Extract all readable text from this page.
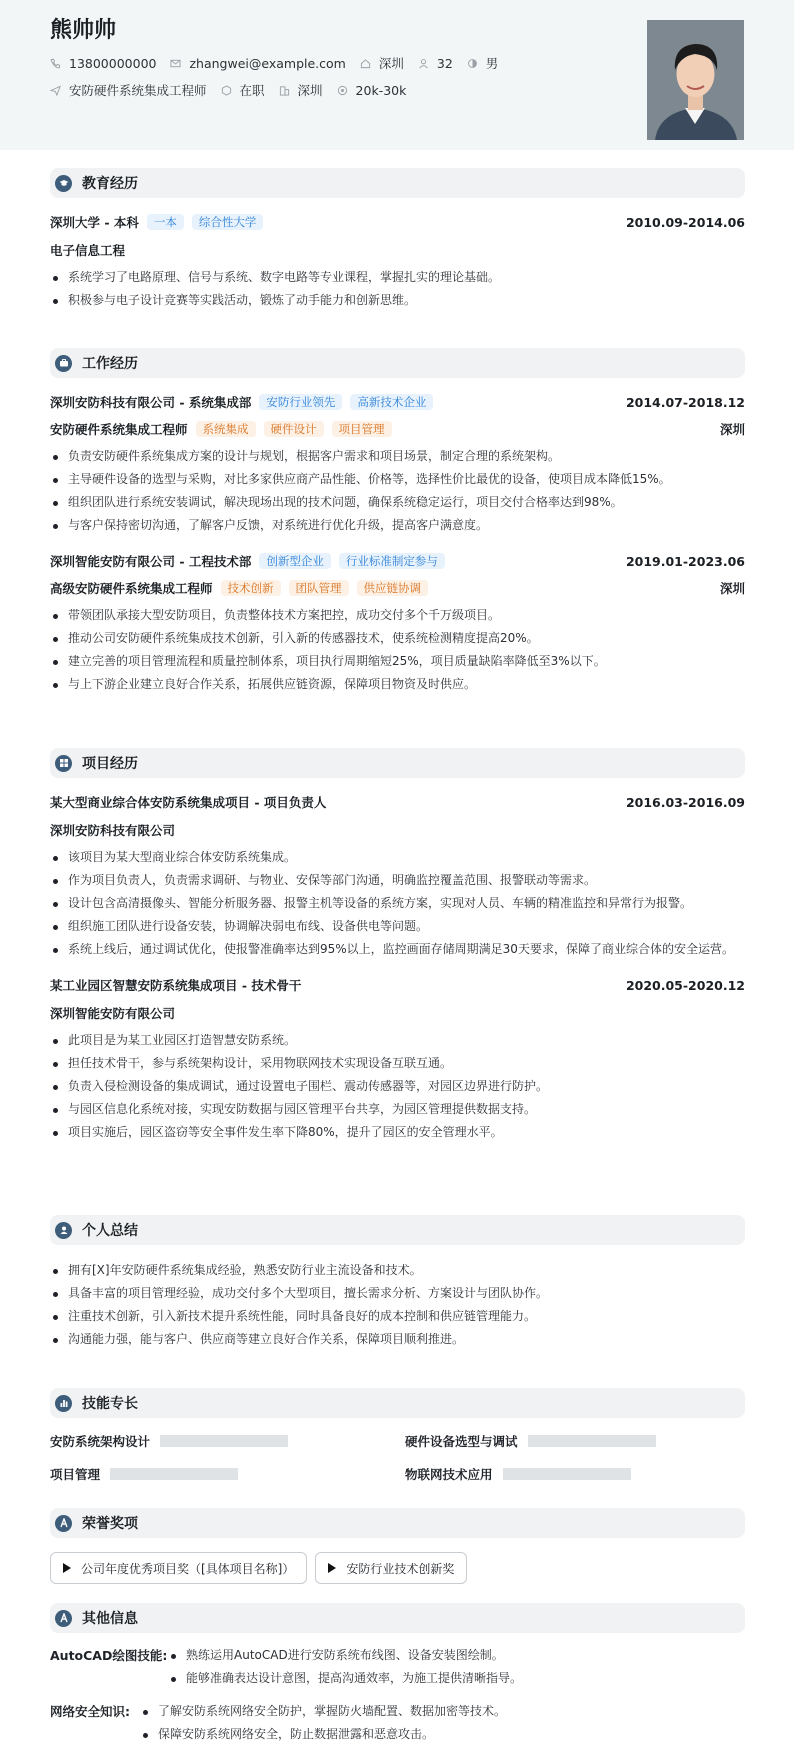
熊帅帅
13800000000	zhangwei@example.com	深圳	32	男
安防硬件系统集成工程师	在职	深圳	20k-30k
教育经历
深圳大学 - 本科	一本	综合性大学	2010.09-2014.06
电子信息工程
系统学习了电路原理、信号与系统、数字电路等专业课程，掌握扎实的理论基础。
积极参与电子设计竞赛等实践活动，锻炼了动手能力和创新思维。
工作经历
深圳安防科技有限公司 - 系统集成部	安防行业领先	高新技术企业	2014.07-2018.12
安防硬件系统集成工程师	系统集成	硬件设计	项目管理	深圳
负责安防硬件系统集成方案的设计与规划，根据客户需求和项目场景，制定合理的系统架构。
主导硬件设备的选型与采购，对比多家供应商产品性能、价格等，选择性价比最优的设备，使项目成本降低15%。
组织团队进行系统安装调试，解决现场出现的技术问题，确保系统稳定运行，项目交付合格率达到98%。
与客户保持密切沟通，了解客户反馈，对系统进行优化升级，提高客户满意度。
深圳智能安防有限公司 - 工程技术部	创新型企业	行业标准制定参与	2019.01-2023.06
高级安防硬件系统集成工程师	技术创新	团队管理	供应链协调	深圳
带领团队承接大型安防项目，负责整体技术方案把控，成功交付多个千万级项目。
推动公司安防硬件系统集成技术创新，引入新的传感器技术，使系统检测精度提高20%。
建立完善的项目管理流程和质量控制体系，项目执行周期缩短25%，项目质量缺陷率降低至3%以下。
与上下游企业建立良好合作关系，拓展供应链资源，保障项目物资及时供应。
项目经历
某大型商业综合体安防系统集成项目 - 项目负责人	2016.03-2016.09
深圳安防科技有限公司
该项目为某大型商业综合体安防系统集成。
作为项目负责人，负责需求调研、与物业、安保等部门沟通，明确监控覆盖范围、报警联动等需求。
设计包含高清摄像头、智能分析服务器、报警主机等设备的系统方案，实现对人员、车辆的精准监控和异常行为报警。
组织施工团队进行设备安装，协调解决弱电布线、设备供电等问题。
系统上线后，通过调试优化，使报警准确率达到95%以上，监控画面存储周期满足30天要求，保障了商业综合体的安全运营。
某工业园区智慧安防系统集成项目 - 技术骨干	2020.05-2020.12
深圳智能安防有限公司
此项目是为某工业园区打造智慧安防系统。
担任技术骨干，参与系统架构设计，采用物联网技术实现设备互联互通。
负责入侵检测设备的集成调试，通过设置电子围栏、震动传感器等，对园区边界进行防护。
与园区信息化系统对接，实现安防数据与园区管理平台共享，为园区管理提供数据支持。
项目实施后，园区盗窃等安全事件发生率下降80%，提升了园区的安全管理水平。
个人总结
拥有[X]年安防硬件系统集成经验，熟悉安防行业主流设备和技术。
具备丰富的项目管理经验，成功交付多个大型项目，擅长需求分析、方案设计与团队协作。
注重技术创新，引入新技术提升系统性能，同时具备良好的成本控制和供应链管理能力。
沟通能力强，能与客户、供应商等建立良好合作关系，保障项目顺利推进。
技能专长
安防系统架构设计	硬件设备选型与调试
项目管理	物联网技术应用
荣誉奖项
公司年度优秀项目奖（[具体项目名称]）	安防行业技术创新奖
其他信息
AutoCAD绘图技能:	熟练运用AutoCAD进行安防系统布线图、设备安装图绘制。
能够准确表达设计意图，提高沟通效率，为施工提供清晰指导。
网络安全知识:	了解安防系统网络安全防护，掌握防火墙配置、数据加密等技术。
保障安防系统网络安全，防止数据泄露和恶意攻击。
